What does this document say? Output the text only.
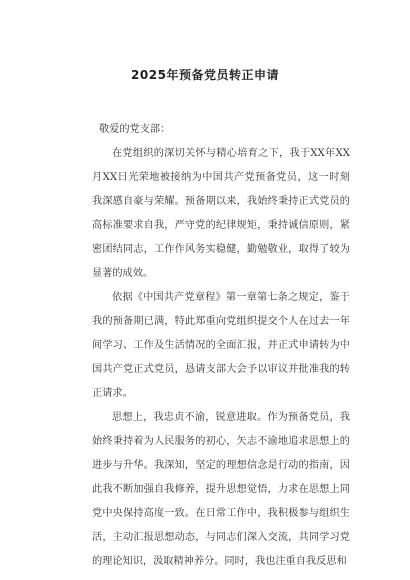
2025年预备党员转正申请

敬爱的党支部：

在党组织的深切关怀与精心培育之下，我于XX年XX月XX日光荣地被接纳为中国共产党预备党员，这一时刻我深感自豪与荣耀。预备期以来，我始终秉持正式党员的高标准要求自我，严守党的纪律规矩，秉持诚信原则，紧密团结同志，工作作风务实稳健，勤勉敬业，取得了较为显著的成效。

依据《中国共产党章程》第一章第七条之规定，鉴于我的预备期已满，特此郑重向党组织提交个人在过去一年间学习、工作及生活情况的全面汇报，并正式申请转为中国共产党正式党员，恳请支部大会予以审议并批准我的转正请求。

思想上，我忠贞不渝，锐意进取。作为预备党员，我始终秉持着为人民服务的初心，矢志不渝地追求思想上的进步与升华。我深知，坚定的理想信念是行动的指南，因此我不断加强自我修养，提升思想觉悟，力求在思想上同党中央保持高度一致。在日常工作中，我积极参与组织生活，主动汇报思想动态，与同志们深入交流，共同学习党的理论知识，汲取精神养分。同时，我也注重自我反思和
